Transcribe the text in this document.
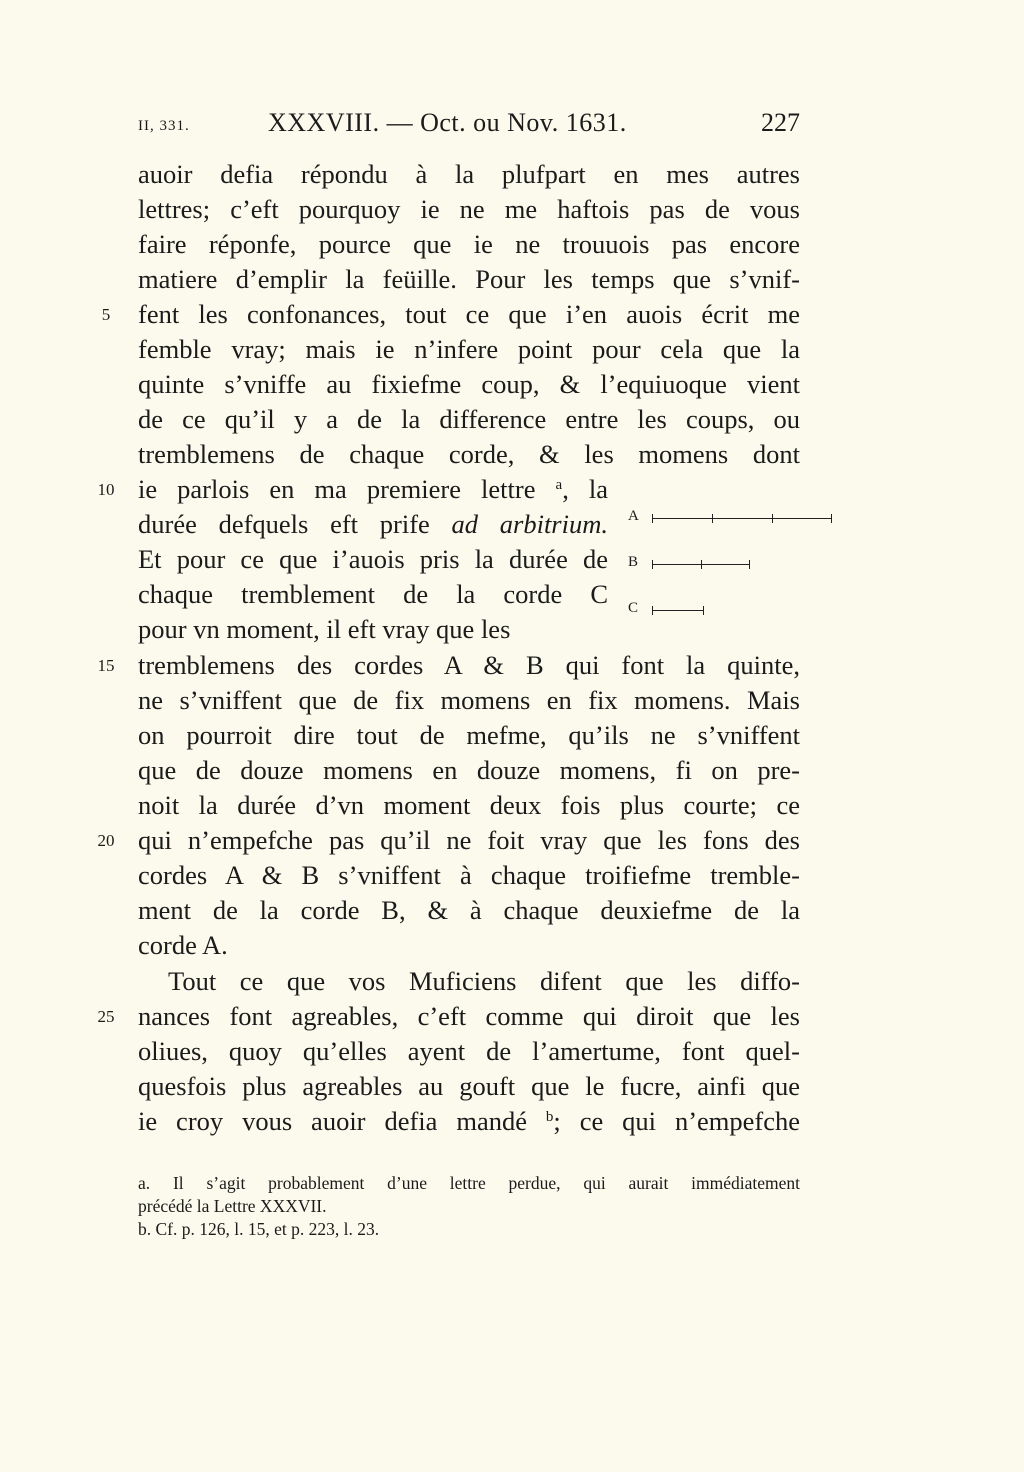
II, 331.	XXXVIII. — Oct. ou Nov. 1631.	227
auoir defia répondu à la plufpart en mes autres
lettres; c’eft pourquoy ie ne me haftois pas de vous
faire réponfe, pource que ie ne trouuois pas encore
matiere d’emplir la feüille. Pour les temps que s’vnif-
fent les confonances, tout ce que i’en auois écrit me
femble vray; mais ie n’infere point pour cela que la
quinte s’vniffe au fixiefme coup, & l’equiuoque vient
de ce qu’il y a de la difference entre les coups, ou
tremblemens de chaque corde, & les momens dont
ie parlois en ma premiere lettre $^a$, la
durée defquels eft prife ad arbitrium.
Et pour ce que i’auois pris la durée de
chaque tremblement de la corde C
pour vn moment, il eft vray que les
tremblemens des cordes A & B qui font la quinte,
ne s’vniffent que de fix momens en fix momens. Mais
on pourroit dire tout de mefme, qu’ils ne s’vniffent
que de douze momens en douze momens, fi on pre-
noit la durée d’vn moment deux fois plus courte; ce
qui n’empefche pas qu’il ne foit vray que les fons des
cordes A & B s’vniffent à chaque troifiefme tremble-
ment de la corde B, & à chaque deuxiefme de la
corde A.
Tout ce que vos Muficiens difent que les diffo-
nances font agreables, c’eft comme qui diroit que les
oliues, quoy qu’elles ayent de l’amertume, font quel-
quesfois plus agreables au gouft que le fucre, ainfi que
ie croy vous auoir defia mandé $^b$; ce qui n’empefche
5
10
15
20
25
A
B
C
a. Il s’agit probablement d’une lettre perdue, qui aurait immédiatement
précédé la Lettre XXXVII.
b. Cf. p. 126, l. 15, et p. 223, l. 23.
